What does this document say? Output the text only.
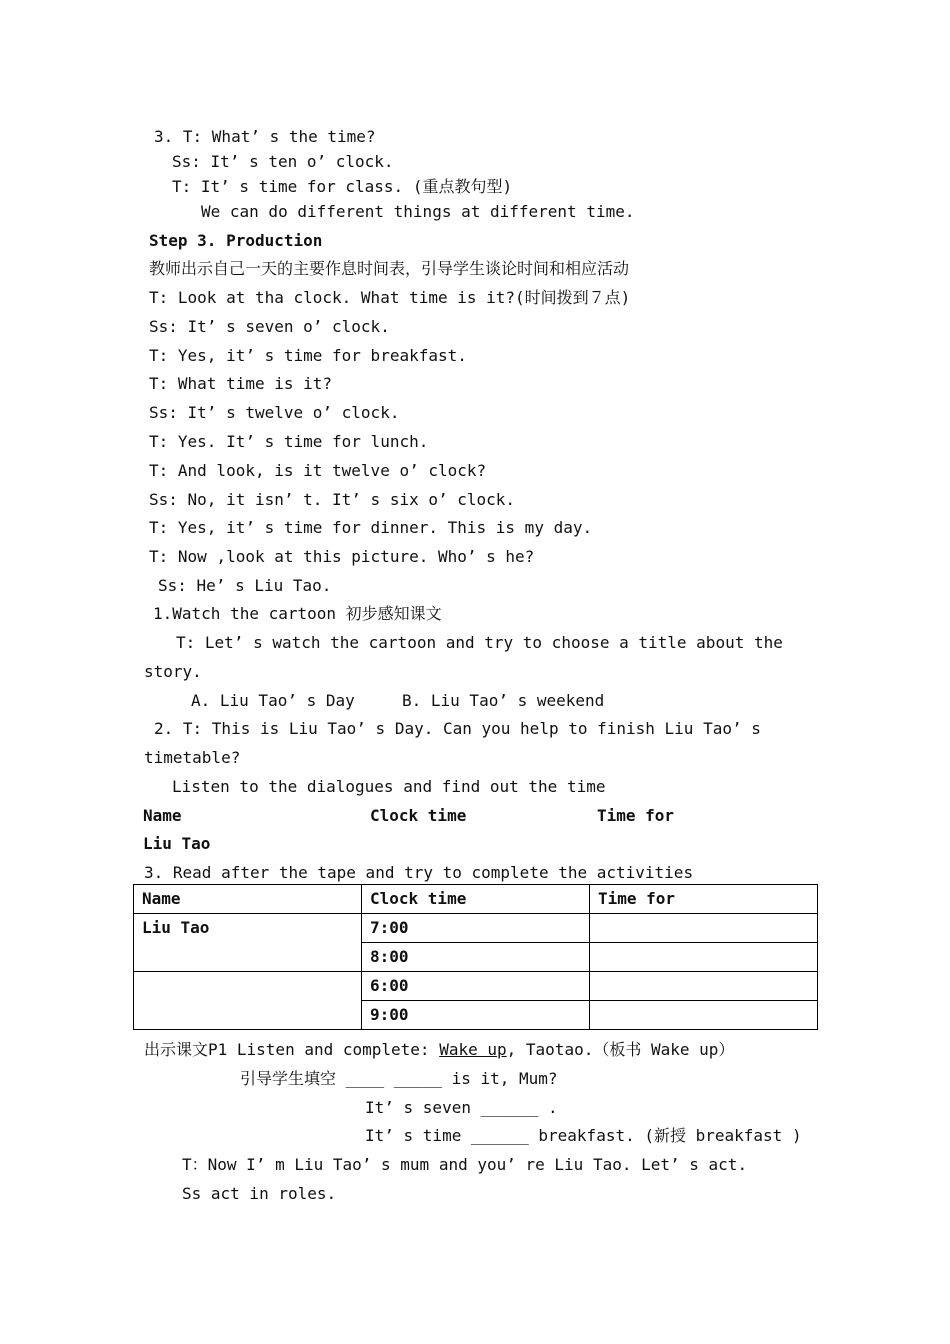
3. T: What’ s the time?
Ss: It’ s ten o’ clock.
T: It’ s time for class. (重点教句型)
We can do different things at different time.
Step 3. Production
教师出示自己一天的主要作息时间表，引导学生谈论时间和相应活动
T: Look at tha clock. What time is it?(时间拨到７点)
Ss: It’ s seven o’ clock.
T: Yes, it’ s time for breakfast.
T: What time is it?
Ss: It’ s twelve o’ clock.
T: Yes. It’ s time for lunch.
T: And look, is it twelve o’ clock?
Ss: No, it isn’ t. It’ s six o’ clock.
T: Yes, it’ s time for dinner. This is my day.
T: Now ,look at this picture. Who’ s he?
Ss: He’ s Liu Tao.
1.Watch the cartoon 初步感知课文
T: Let’ s watch the cartoon and try to choose a title about the
story.
A. Liu Tao’ s Day	B. Liu Tao’ s weekend
2. T: This is Liu Tao’ s Day. Can you help to finish Liu Tao’ s
timetable?
Listen to the dialogues and find out the time
Name	Clock time	Time for
Liu Tao
3. Read after the tape and try to complete the activities
Name	Clock time	Time for
Liu Tao	7:00	
	8:00	
	6:00	
	9:00	
出示课文P1 Listen and complete: Wake up, Taotao.（板书 Wake up）
引导学生填空 ____ _____ is it, Mum?
It’ s seven ______ .
It’ s time ______ breakfast. (新授 breakfast )
T：Now I’ m Liu Tao’ s mum and you’ re Liu Tao. Let’ s act.
Ss act in roles.
